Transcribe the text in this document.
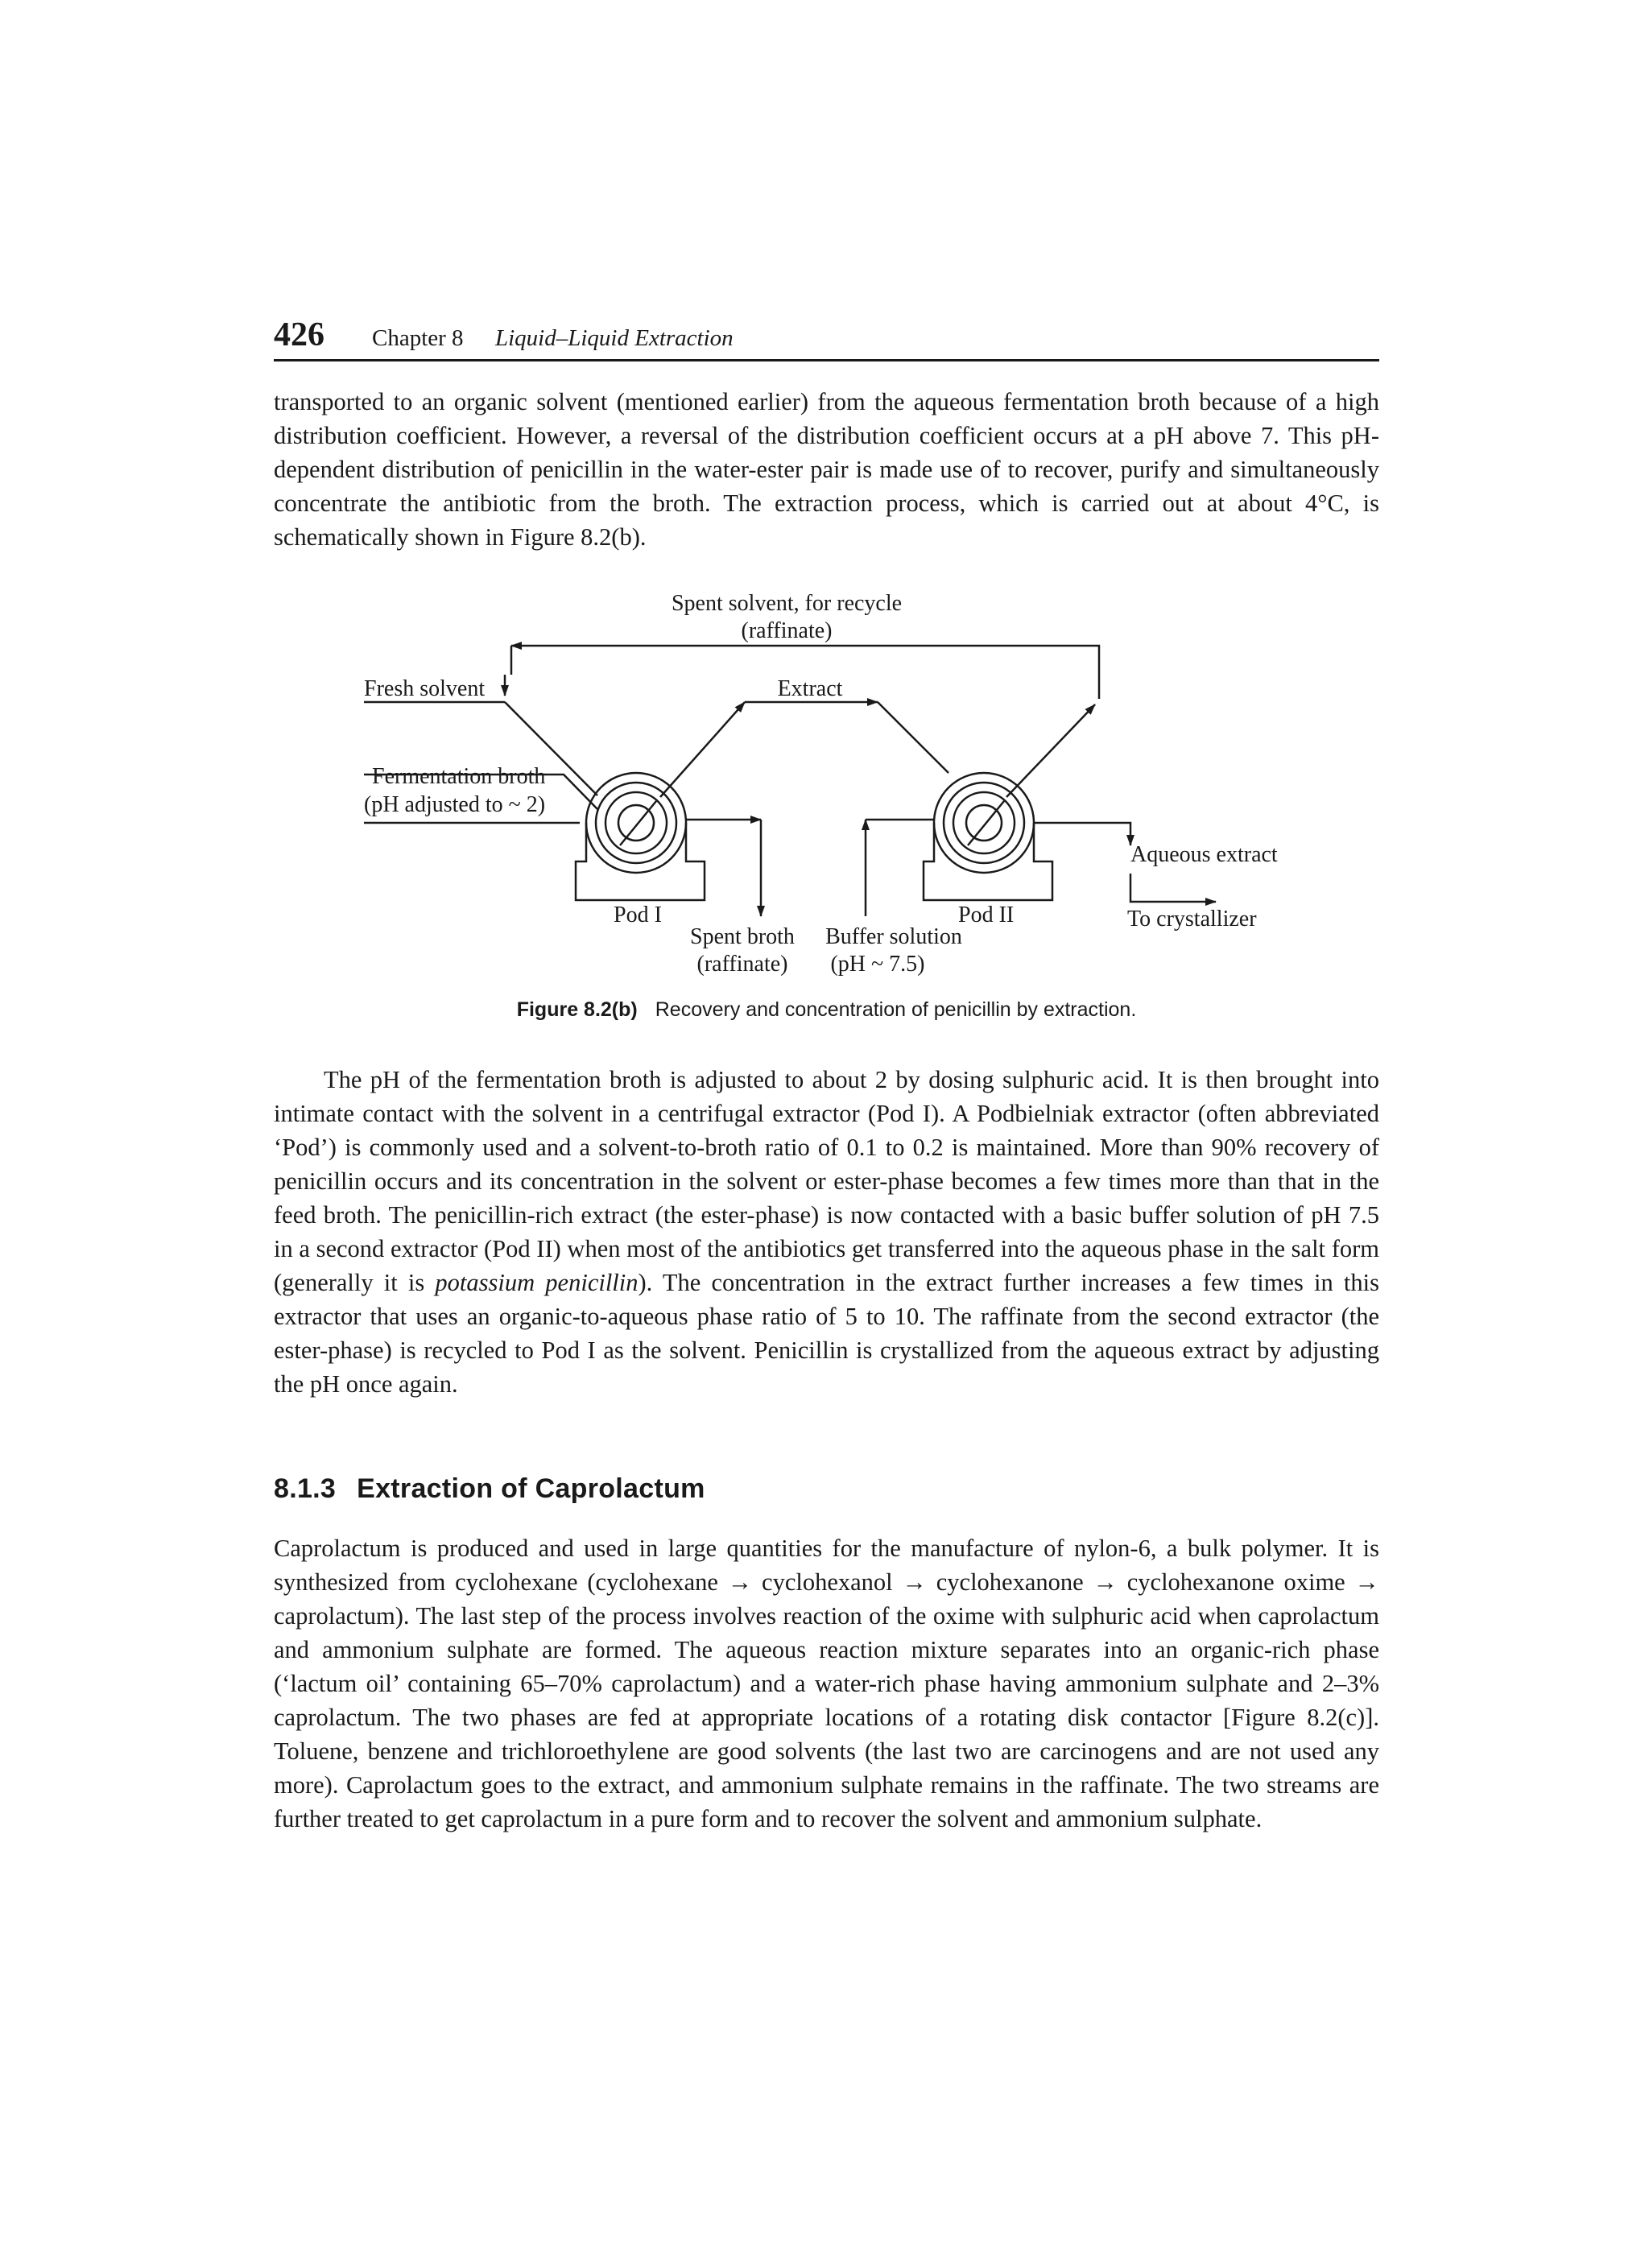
426 Chapter 8 Liquid–Liquid Extraction

transported to an organic solvent (mentioned earlier) from the aqueous fermentation broth because of a high distribution coefficient. However, a reversal of the distribution coefficient occurs at a pH above 7. This pH-dependent distribution of penicillin in the water-ester pair is made use of to recover, purify and simultaneously concentrate the antibiotic from the broth. The extraction process, which is carried out at about 4°C, is schematically shown in Figure 8.2(b).

Spent solvent, for recycle
(raffinate)
Fresh solvent	Extract
Fermentation broth
(pH adjusted to ~ 2)
Aqueous extract
Pod I	Pod II	To crystallizer
Spent broth
(raffinate)
Buffer solution
(pH ~ 7.5)
Figure 8.2(b) Recovery and concentration of penicillin by extraction.

The pH of the fermentation broth is adjusted to about 2 by dosing sulphuric acid. It is then brought into intimate contact with the solvent in a centrifugal extractor (Pod I). A Podbielniak extractor (often abbreviated ‘Pod’) is commonly used and a solvent-to-broth ratio of 0.1 to 0.2 is maintained. More than 90% recovery of penicillin occurs and its concentration in the solvent or ester-phase becomes a few times more than that in the feed broth. The penicillin-rich extract (the ester-phase) is now contacted with a basic buffer solution of pH 7.5 in a second extractor (Pod II) when most of the antibiotics get transferred into the aqueous phase in the salt form (generally it is potassium penicillin). The concentration in the extract further increases a few times in this extractor that uses an organic-to-aqueous phase ratio of 5 to 10. The raffinate from the second extractor (the ester-phase) is recycled to Pod I as the solvent. Penicillin is crystallized from the aqueous extract by adjusting the pH once again.

8.1.3 Extraction of Caprolactum

Caprolactum is produced and used in large quantities for the manufacture of nylon-6, a bulk polymer. It is synthesized from cyclohexane (cyclohexane → cyclohexanol → cyclohexanone → cyclohexanone oxime → caprolactum). The last step of the process involves reaction of the oxime with sulphuric acid when caprolactum and ammonium sulphate are formed. The aqueous reaction mixture separates into an organic-rich phase (‘lactum oil’ containing 65–70% caprolactum) and a water-rich phase having ammonium sulphate and 2–3% caprolactum. The two phases are fed at appropriate locations of a rotating disk contactor [Figure 8.2(c)]. Toluene, benzene and trichloroethylene are good solvents (the last two are carcinogens and are not used any more). Caprolactum goes to the extract, and ammonium sulphate remains in the raffinate. The two streams are further treated to get caprolactum in a pure form and to recover the solvent and ammonium sulphate.
